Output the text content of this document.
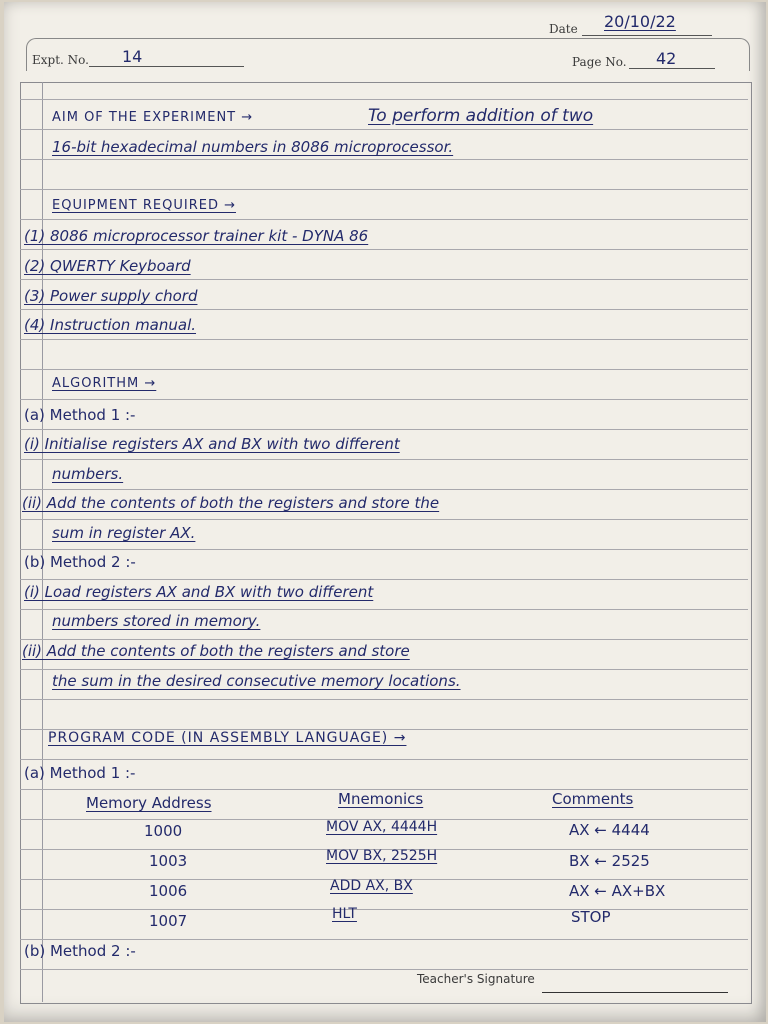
Date 20/10/22
Expt. No. 14	Page No. 42
AIM OF THE EXPERIMENT →	To perform addition of two
16-bit hexadecimal numbers in 8086 microprocessor.
EQUIPMENT REQUIRED →
(1) 8086 microprocessor trainer kit - DYNA 86
(2) QWERTY Keyboard
(3) Power supply chord
(4) Instruction manual.
ALGORITHM →
(a) Method 1 :-
(i) Initialise registers AX and BX with two different
numbers.
(ii) Add the contents of both the registers and store the
sum in register AX.
(b) Method 2 :-
(i) Load registers AX and BX with two different
numbers stored in memory.
(ii) Add the contents of both the registers and store
the sum in the desired consecutive memory locations.
PROGRAM CODE (IN ASSEMBLY LANGUAGE) →
(a) Method 1 :-
Memory Address	Mnemonics	Comments
1000	MOV AX, 4444H	AX ← 4444
1003	MOV BX, 2525H	BX ← 2525
1006	ADD AX, BX	AX ← AX+BX
1007	HLT	STOP
(b) Method 2 :-
Teacher's Signature
